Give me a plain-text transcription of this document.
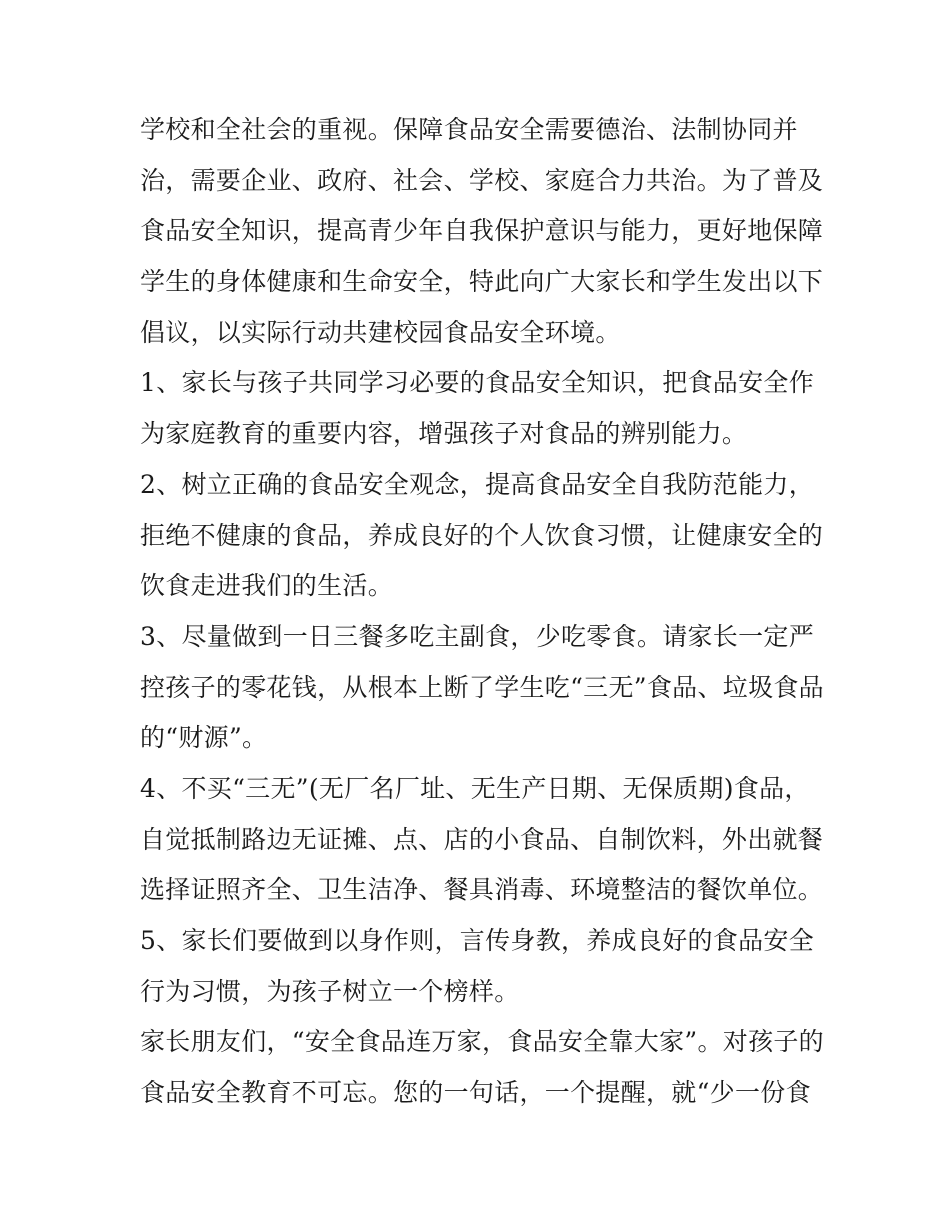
学校和全社会的重视。保障食品安全需要德治、法制协同并
治，需要企业、政府、社会、学校、家庭合力共治。为了普及
食品安全知识，提高青少年自我保护意识与能力，更好地保障
学生的身体健康和生命安全，特此向广大家长和学生发出以下
倡议，以实际行动共建校园食品安全环境。
1、家长与孩子共同学习必要的食品安全知识，把食品安全作
为家庭教育的重要内容，增强孩子对食品的辨别能力。
2、树立正确的食品安全观念，提高食品安全自我防范能力，
拒绝不健康的食品，养成良好的个人饮食习惯，让健康安全的
饮食走进我们的生活。
3、尽量做到一日三餐多吃主副食，少吃零食。请家长一定严
控孩子的零花钱，从根本上断了学生吃“三无”食品、垃圾食品
的“财源”。
4、不买“三无”(无厂名厂址、无生产日期、无保质期)食品，
自觉抵制路边无证摊、点、店的小食品、自制饮料，外出就餐
选择证照齐全、卫生洁净、餐具消毒、环境整洁的餐饮单位。
5、家长们要做到以身作则，言传身教，养成良好的食品安全
行为习惯，为孩子树立一个榜样。
家长朋友们，“安全食品连万家，食品安全靠大家”。对孩子的
食品安全教育不可忘。您的一句话，一个提醒，就“少一份食
